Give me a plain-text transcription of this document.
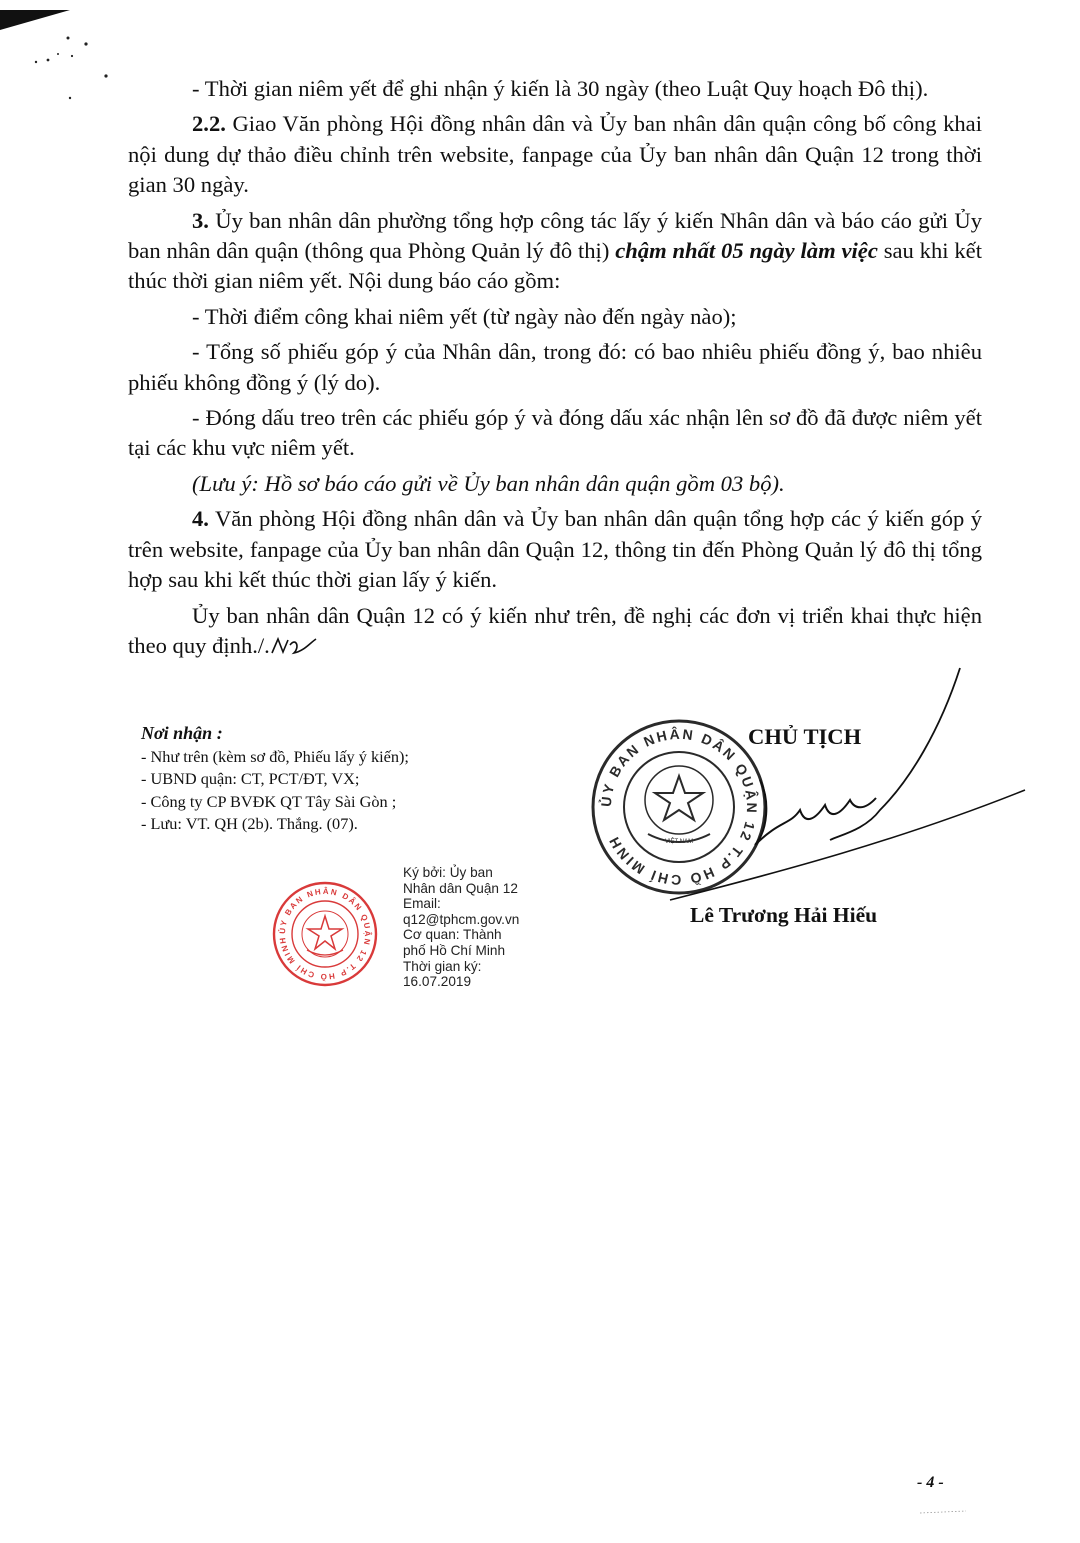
- Thời gian niêm yết để ghi nhận ý kiến là 30 ngày (theo Luật Quy hoạch Đô thị).

2.2. Giao Văn phòng Hội đồng nhân dân và Ủy ban nhân dân quận công bố công khai nội dung dự thảo điều chỉnh trên website, fanpage của Ủy ban nhân dân Quận 12 trong thời gian 30 ngày.

3. Ủy ban nhân dân phường tổng hợp công tác lấy ý kiến Nhân dân và báo cáo gửi Ủy ban nhân dân quận (thông qua Phòng Quản lý đô thị) chậm nhất 05 ngày làm việc sau khi kết thúc thời gian niêm yết. Nội dung báo cáo gồm:

- Thời điểm công khai niêm yết (từ ngày nào đến ngày nào);

- Tổng số phiếu góp ý của Nhân dân, trong đó: có bao nhiêu phiếu đồng ý, bao nhiêu phiếu không đồng ý (lý do).

- Đóng dấu treo trên các phiếu góp ý và đóng dấu xác nhận lên sơ đồ đã được niêm yết tại các khu vực niêm yết.

(Lưu ý: Hồ sơ báo cáo gửi về Ủy ban nhân dân quận gồm 03 bộ).

4. Văn phòng Hội đồng nhân dân và Ủy ban nhân dân quận tổng hợp các ý kiến góp ý trên website, fanpage của Ủy ban nhân dân Quận 12, thông tin đến Phòng Quản lý đô thị tổng hợp sau khi kết thúc thời gian lấy ý kiến.

Ủy ban nhân dân Quận 12 có ý kiến như trên, đề nghị các đơn vị triển khai thực hiện theo quy định./.

Nơi nhận :
- Như trên (kèm sơ đồ, Phiếu lấy ý kiến);
- UBND quận: CT, PCT/ĐT, VX;
- Công ty CP BVĐK QT Tây Sài Gòn ;
- Lưu: VT. QH (2b). Thắng. (07).
ỦY BAN NHÂN DÂN QUẬN 12 T.P HỒ CHÍ MINH
Ký bởi: Ủy ban
Nhân dân Quận 12
Email:
q12@tphcm.gov.vn
Cơ quan: Thành
phố Hồ Chí Minh
Thời gian ký:
16.07.2019
ỦY BAN NHÂN DÂN QUẬN 12 T.P HỒ CHÍ MINH	VIỆT NAM
CHỦ TỊCH
Lê Trương Hải Hiếu
- 4 -
